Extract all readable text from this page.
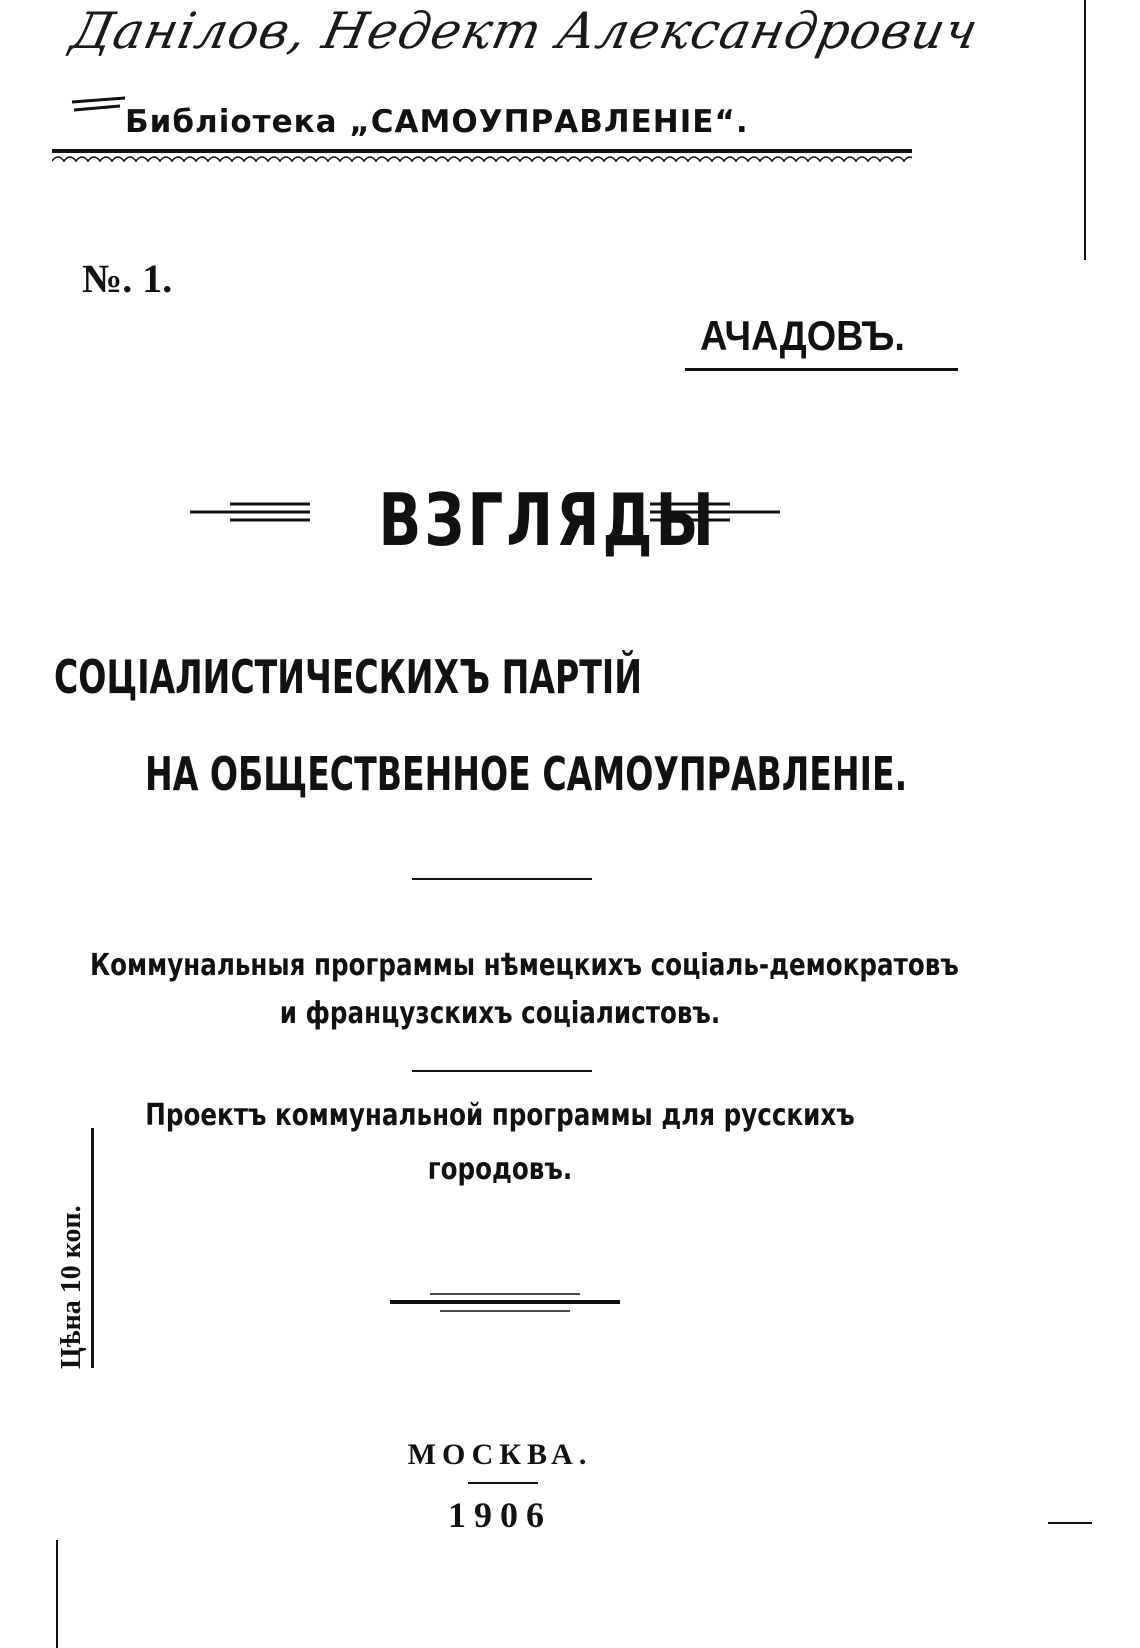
Данілов, Недект Александрович
Библіотека „САМОУПРАВЛЕНІЕ“.
№. 1.
АЧАДОВЪ.
ВЗГЛЯДЫ
СОЦІАЛИСТИЧЕСКИХЪ ПАРТІЙ
НА ОБЩЕСТВЕННОЕ САМОУПРАВЛЕНІЕ.
Коммунальныя программы нѣмецкихъ соціаль-демократовъ
и французскихъ соціалистовъ.
Проектъ коммунальной программы для русскихъ
городовъ.
Цѣна 10 коп.
МОСКВА.
1906
